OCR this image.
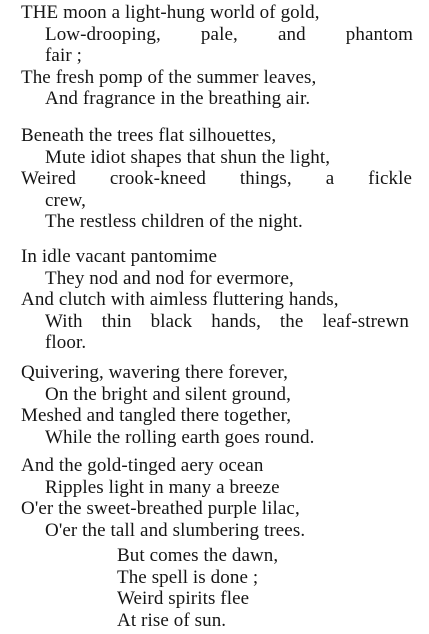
THE moon a light-hung world of gold,
Low-drooping, pale, and phantom
fair ;
The fresh pomp of the summer leaves,
And fragrance in the breathing air.
Beneath the trees flat silhouettes,
Mute idiot shapes that shun the light,
Weired crook-kneed things, a fickle
crew,
The restless children of the night.
In idle vacant pantomime
They nod and nod for evermore,
And clutch with aimless fluttering hands,
With thin black hands, the leaf-strewn
floor.
Quivering, wavering there forever,
On the bright and silent ground,
Meshed and tangled there together,
While the rolling earth goes round.
And the gold-tinged aery ocean
Ripples light in many a breeze
O'er the sweet-breathed purple lilac,
O'er the tall and slumbering trees.
But comes the dawn,
The spell is done ;
Weird spirits flee
At rise of sun.
